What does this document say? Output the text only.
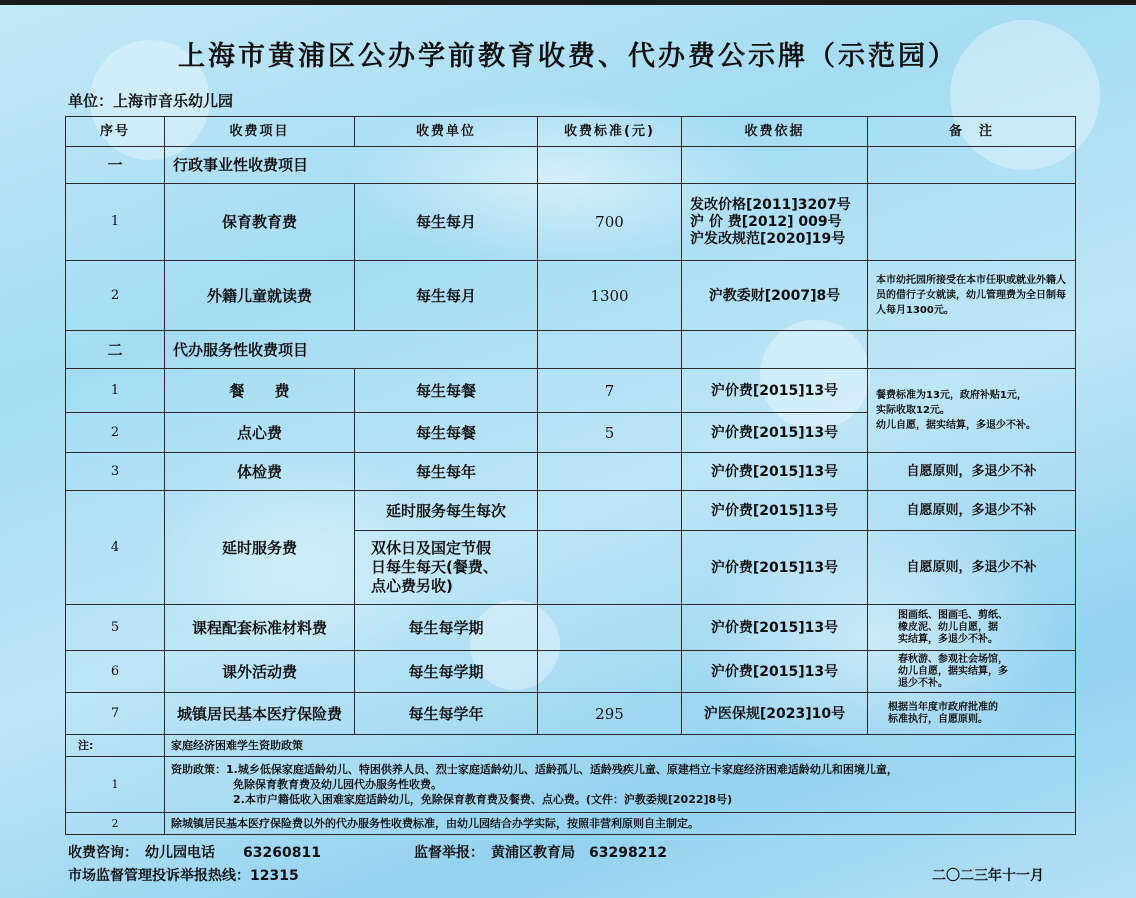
上海市黄浦区公办学前教育收费、代办费公示牌（示范园）
单位：上海市音乐幼儿园
序号	收费项目	收费单位	收费标准(元)	收费依据	备　注
一	行政事业性收费项目				
1	保育教育费	每生每月	700	发改价格[2011]3207号
沪 价 费[2012] 009号
沪发改规范[2020]19号	
2	外籍儿童就读费	每生每月	1300	沪教委财[2007]8号	本市幼托园所接受在本市任职或就业外籍人员的借行子女就读，幼儿管理费为全日制每人每月1300元。
二	代办服务性收费项目				
1	餐　　费	每生每餐	7	沪价费[2015]13号	餐费标准为13元，政府补贴1元，
实际收取12元。
幼儿自愿，据实结算，多退少不补。
2	点心费	每生每餐	5	沪价费[2015]13号	
3	体检费	每生每年		沪价费[2015]13号	自愿原则，多退少不补
4	延时服务费	延时服务每生每次		沪价费[2015]13号	自愿原则，多退少不补
		双休日及国定节假
日每生每天(餐费、
点心费另收)		沪价费[2015]13号	自愿原则，多退少不补
5	课程配套标准材料费	每生每学期		沪价费[2015]13号	图画纸、图画毛、剪纸、
橡皮泥、幼儿自愿，据
实结算，多退少不补。
6	课外活动费	每生每学期		沪价费[2015]13号	春秋游、参观社会场馆，
幼儿自愿，据实结算，多
退少不补。
7	城镇居民基本医疗保险费	每生每学年	295	沪医保规[2023]10号	根据当年度市政府批准的
标准执行，自愿原则。
注:	家庭经济困难学生资助政策				
1	资助政策：1.城乡低保家庭适龄幼儿、特困供养人员、烈士家庭适龄幼儿、适龄孤儿、适龄残疾儿童、原建档立卡家庭经济困难适龄幼儿和困境儿童，

免除保育教育费及幼儿园代办服务性收费。
2.本市户籍低收入困难家庭适龄幼儿，免除保育教育费及餐费、点心费。(文件：沪教委规[2022]8号)				

2	除城镇居民基本医疗保险费以外的代办服务性收费标准，由幼儿园结合办学实际，按照非营利原则自主制定。				
收费咨询：　幼儿园电话　　63260811	监督举报：　黄浦区教育局　63298212
市场监督管理投诉举报热线：12315	二〇二三年十一月
